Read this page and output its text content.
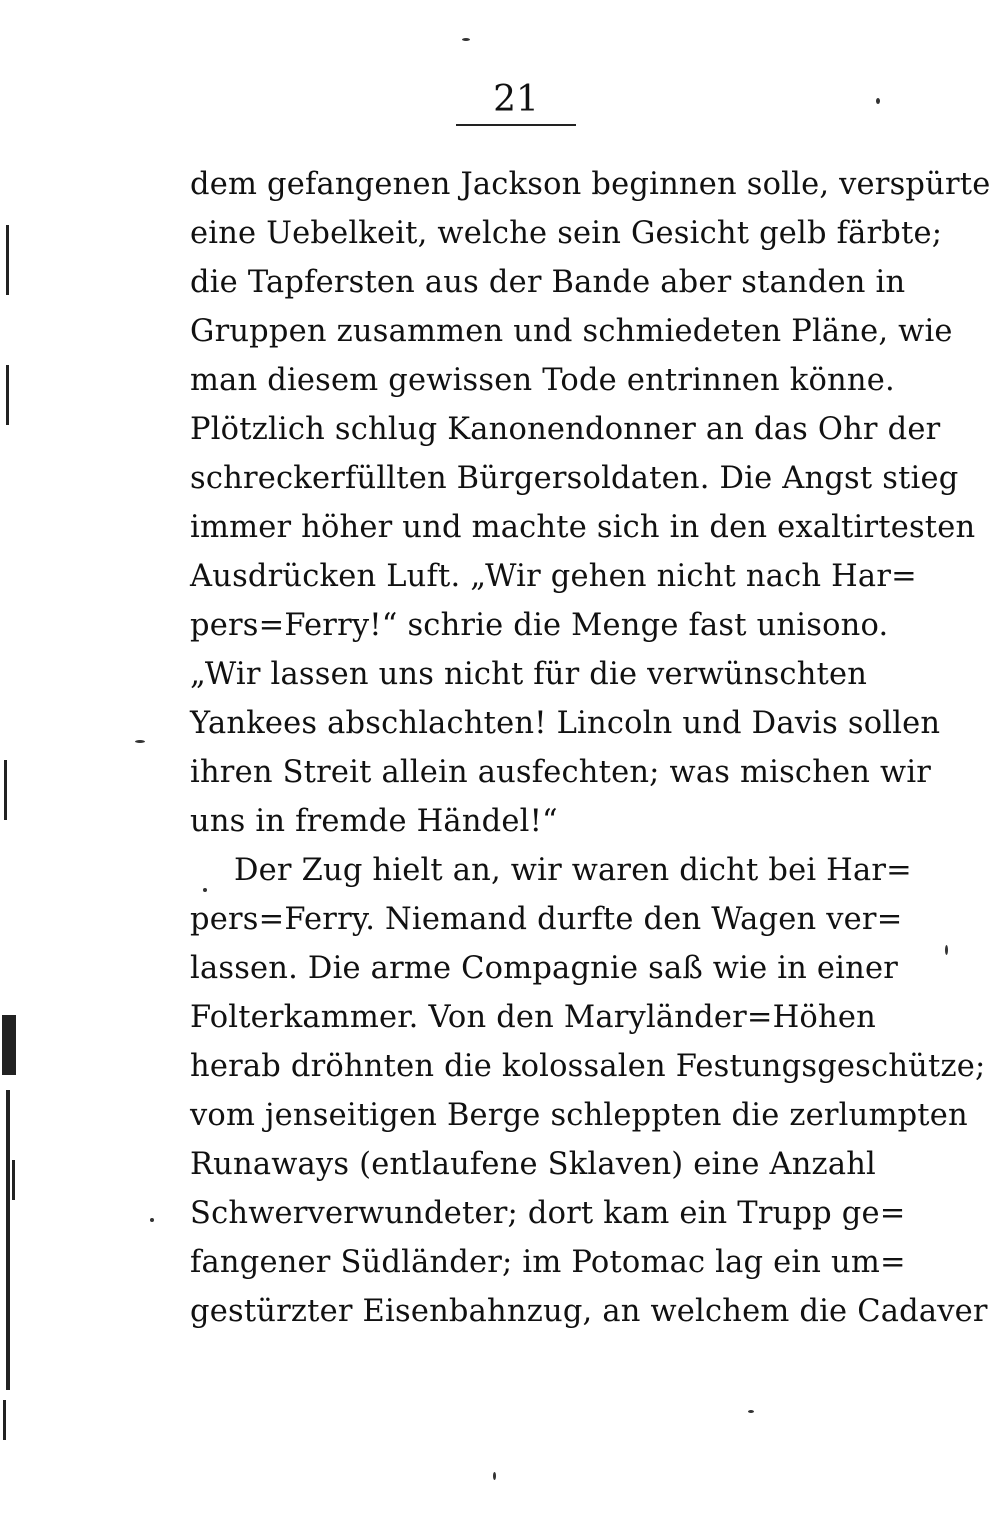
21
dem gefangenen Jackson beginnen solle, verspürte
eine Uebelkeit, welche sein Gesicht gelb färbte;
die Tapfersten aus der Bande aber standen in
Gruppen zusammen und schmiedeten Pläne, wie
man diesem gewissen Tode entrinnen könne.
Plötzlich schlug Kanonendonner an das Ohr der
schreckerfüllten Bürgersoldaten. Die Angst stieg
immer höher und machte sich in den exaltirtesten
Ausdrücken Luft. „Wir gehen nicht nach Har=
pers=Ferry!“ schrie die Menge fast unisono.
„Wir lassen uns nicht für die verwünschten
Yankees abschlachten! Lincoln und Davis sollen
ihren Streit allein ausfechten; was mischen wir
uns in fremde Händel!“
Der Zug hielt an, wir waren dicht bei Har=
pers=Ferry. Niemand durfte den Wagen ver=
lassen. Die arme Compagnie saß wie in einer
Folterkammer. Von den Maryländer=Höhen
herab dröhnten die kolossalen Festungsgeschütze;
vom jenseitigen Berge schleppten die zerlumpten
Runaways (entlaufene Sklaven) eine Anzahl
Schwerverwundeter; dort kam ein Trupp ge=
fangener Südländer; im Potomac lag ein um=
gestürzter Eisenbahnzug, an welchem die Cadaver
